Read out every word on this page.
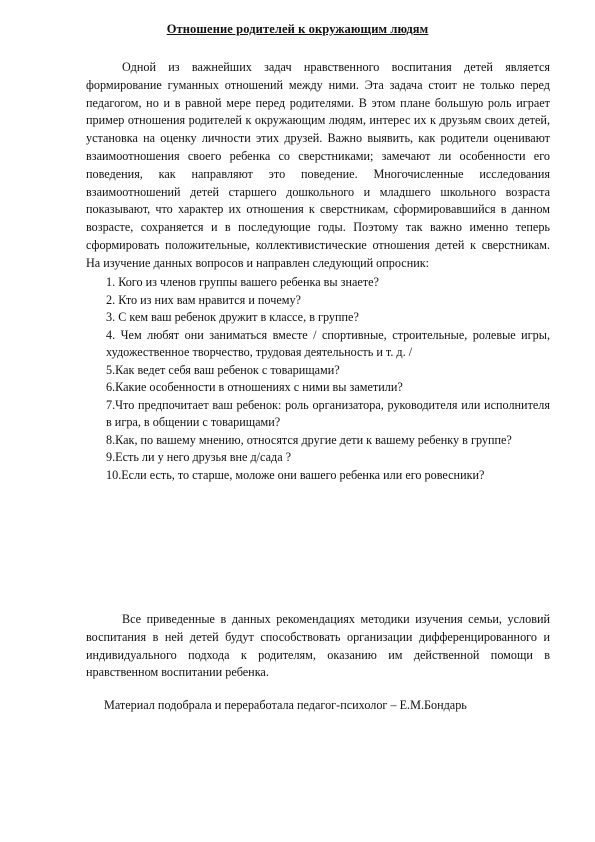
Отношение родителей к окружающим людям

Одной из важнейших задач нравственного воспитания детей является формирование гуманных отношений между ними. Эта задача стоит не только перед педагогом, но и в равной мере перед родителями. В этом плане большую роль играет пример отношения родителей к окружающим людям, интерес их к друзьям своих детей, установка на оценку личности этих друзей. Важно выявить, как родители оценивают взаимоотношения своего ребенка со сверстниками; замечают ли особенности его поведения, как направляют это поведение. Многочисленные исследования взаимоотношений детей старшего дошкольного и младшего школьного возраста показывают, что характер их отношения к сверстникам, сформировавшийся в данном возрасте, сохраняется и в последующие годы. Поэтому так важно именно теперь сформировать положительные, коллективистические отношения детей к сверстникам. На изучение данных вопросов и направлен следующий опросник:

1. Кого из членов группы вашего ребенка вы знаете?
2. Кто из них вам нравится и почему?
3. С кем ваш ребенок дружит в классе, в группе?
4. Чем любят они заниматься вместе / спортивные, строительные, ролевые игры, художественное творчество, трудовая деятельность и т. д. /
5.Как ведет себя ваш ребенок с товарищами?
6.Какие особенности в отношениях с ними вы заметили?
7.Что предпочитает ваш ребенок: роль организатора, руководителя или исполнителя в игра, в общении с товарищами?
8.Как, по вашему мнению, относятся другие дети к вашему ребенку в группе?
9.Есть ли у него друзья вне д/сада ?
10.Если есть, то старше, моложе они вашего ребенка или его ровесники?

Все приведенные в данных рекомендациях методики изучения семьи, условий воспитания в ней детей будут способствовать организации дифференцированного и индивидуального подхода к родителям, оказанию им действенной помощи в нравственном воспитании ребенка.

Материал подобрала и переработала педагог-психолог – Е.М.Бондарь
